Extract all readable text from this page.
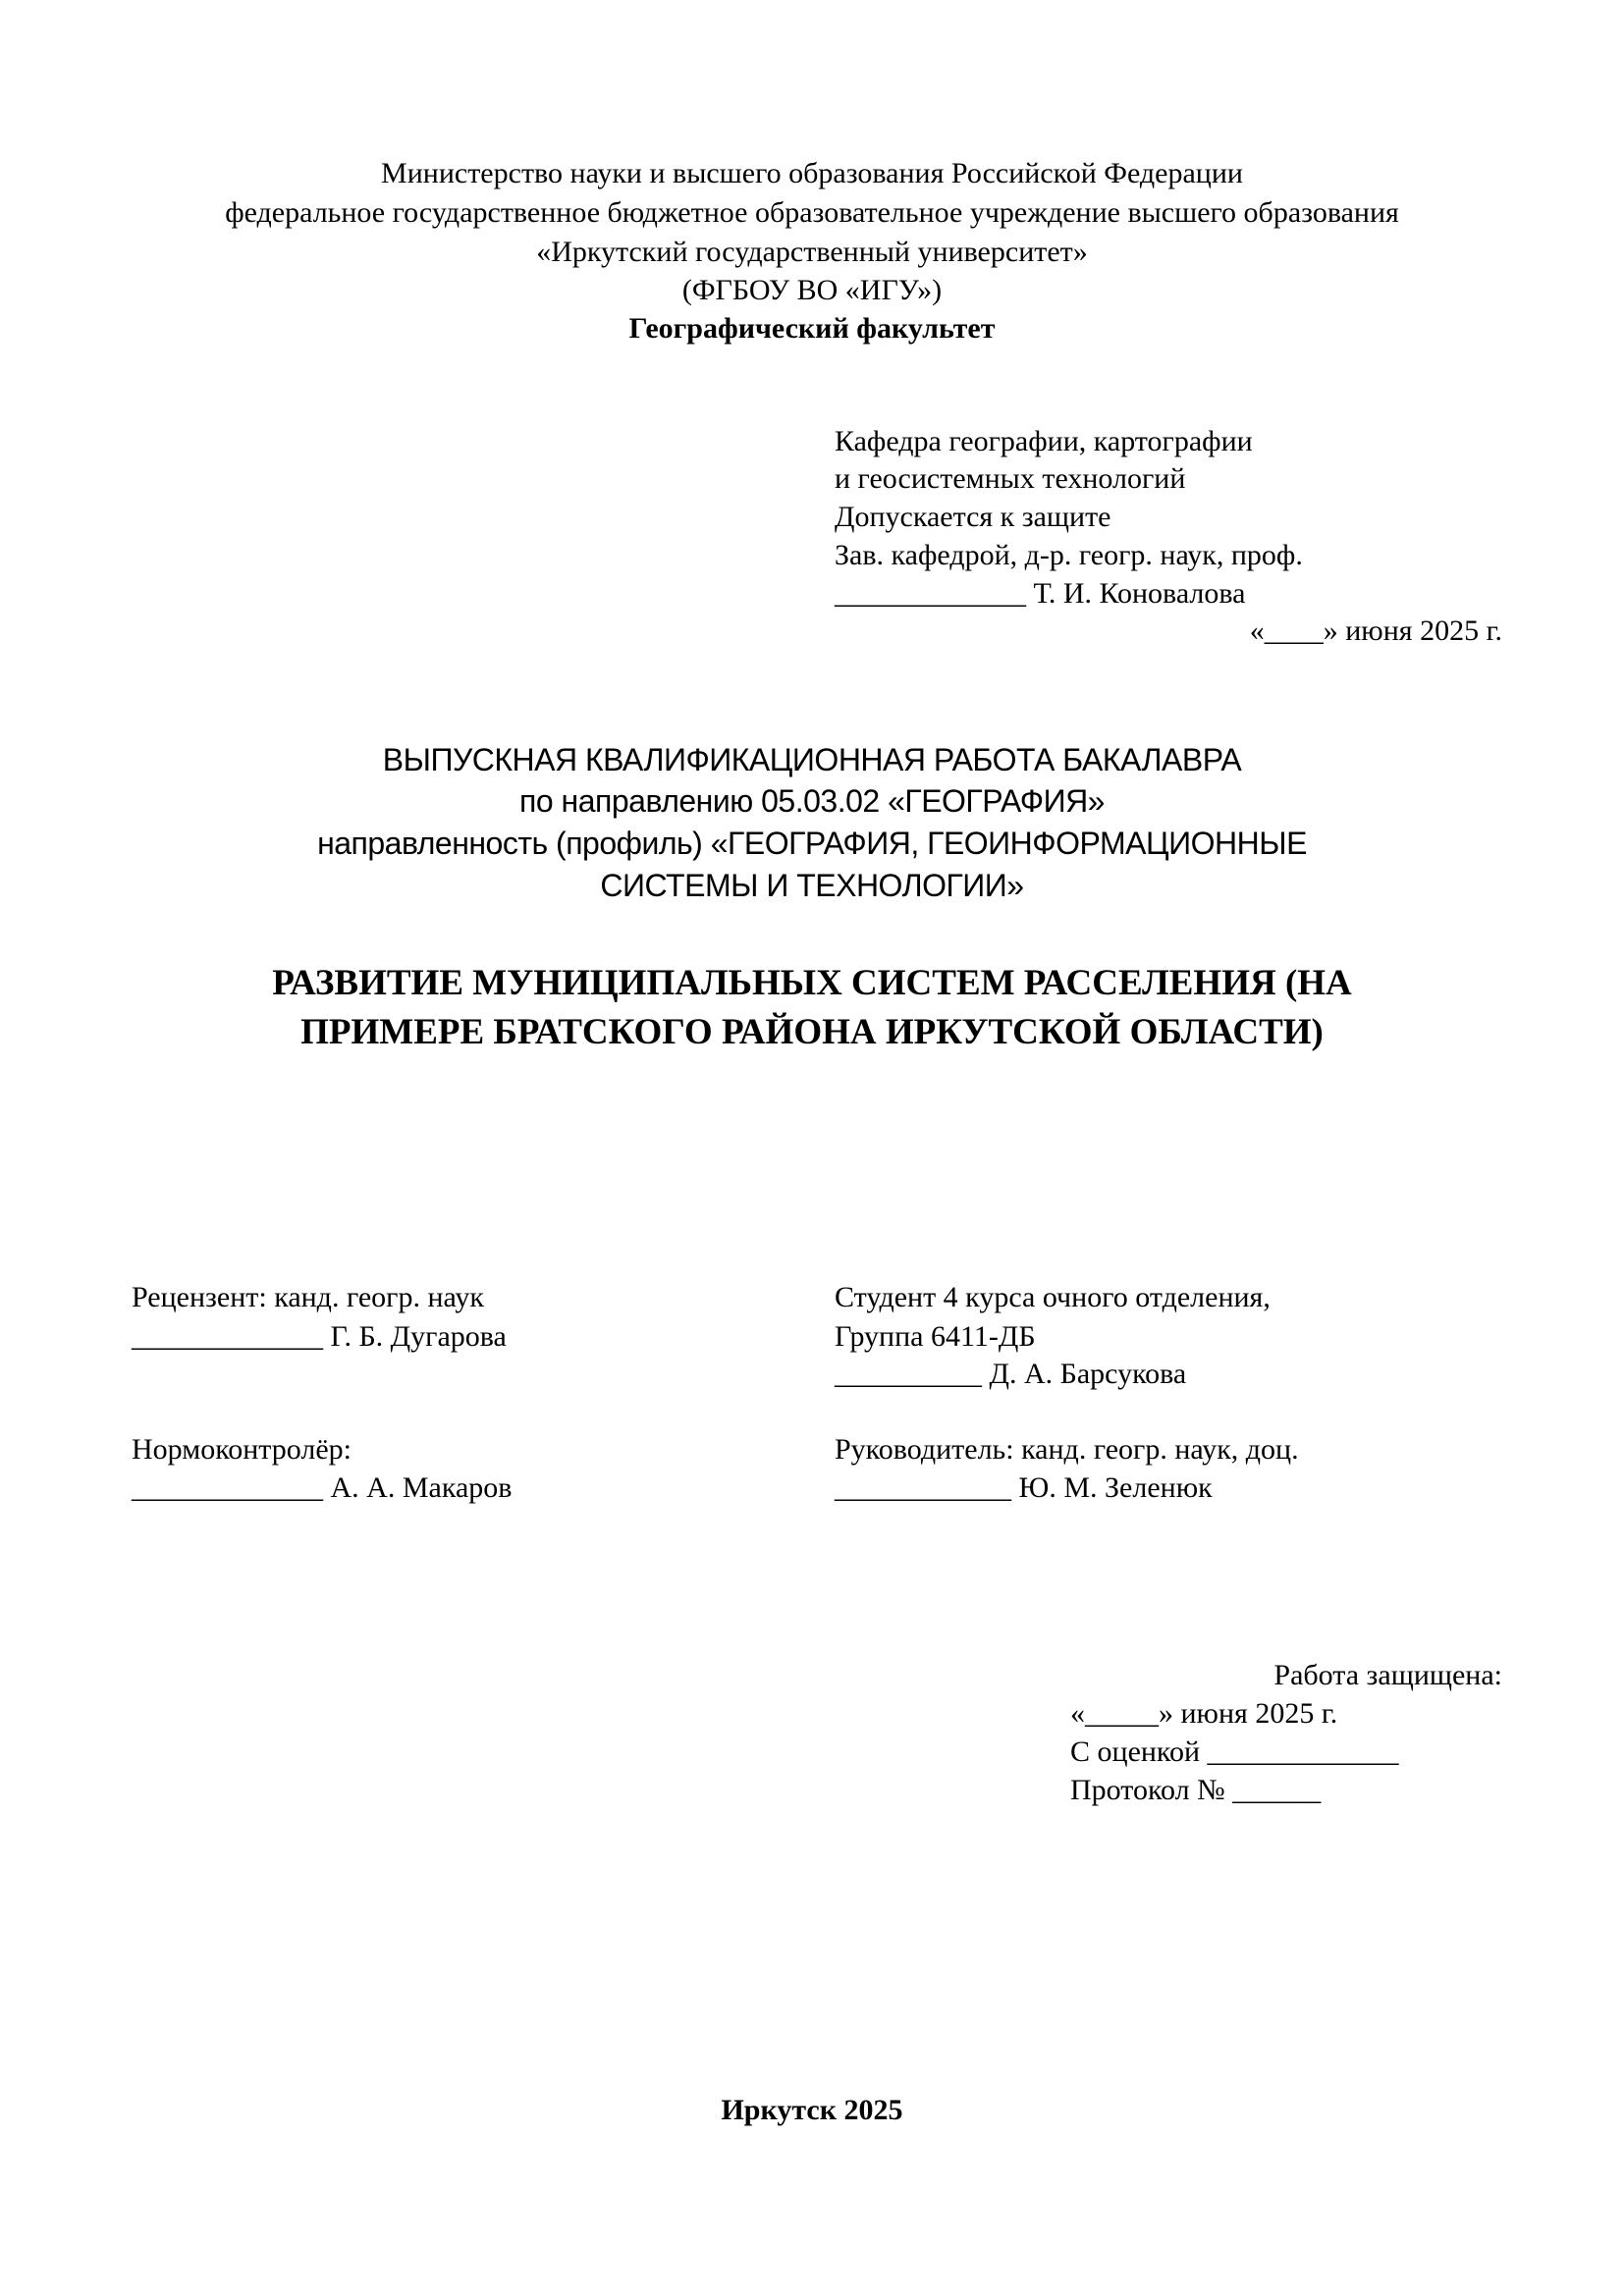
Министерство науки и высшего образования Российской Федерации
федеральное государственное бюджетное образовательное учреждение высшего образования
«Иркутский государственный университет»
(ФГБОУ ВО «ИГУ»)
Географический факультет
Кафедра географии, картографии
и геосистемных технологий
Допускается к защите
Зав. кафедрой, д-р. геогр. наук, проф.
_____________ Т. И. Коновалова
«____» июня 2025 г.
ВЫПУСКНАЯ КВАЛИФИКАЦИОННАЯ РАБОТА БАКАЛАВРА
по направлению 05.03.02 «ГЕОГРАФИЯ»
направленность (профиль) «ГЕОГРАФИЯ, ГЕОИНФОРМАЦИОННЫЕ
СИСТЕМЫ И ТЕХНОЛОГИИ»
РАЗВИТИЕ МУНИЦИПАЛЬНЫХ СИСТЕМ РАССЕЛЕНИЯ (НА
ПРИМЕРЕ БРАТСКОГО РАЙОНА ИРКУТСКОЙ ОБЛАСТИ)
Рецензент: канд. геогр. наук
_____________ Г. Б. Дугарова
Нормоконтролёр:
_____________ А. А. Макаров
Студент 4 курса очного отделения,
Группа 6411-ДБ
__________ Д. А. Барсукова
Руководитель: канд. геогр. наук, доц.
____________ Ю. М. Зеленюк
Работа защищена:
«_____» июня 2025 г.
С оценкой _____________
Протокол № ______
Иркутск 2025
